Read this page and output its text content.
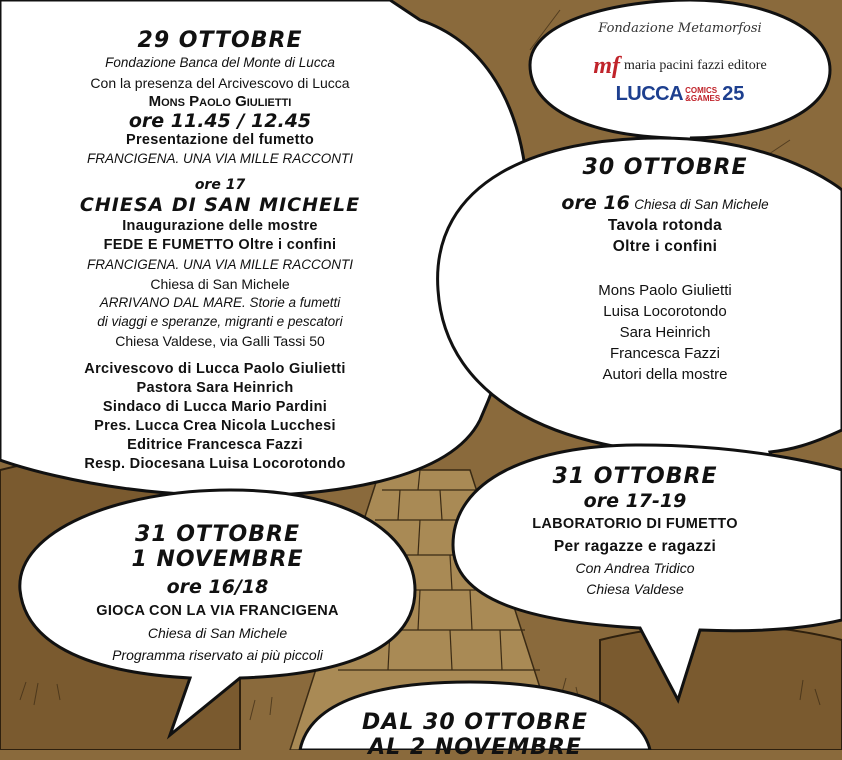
Fondazione Metamorfosi
mf maria pacini fazzi editore
LUCCA COMICS
&GAMES 25
29 OTTOBRE
Fondazione Banca del Monte di Lucca
Con la presenza del Arcivescovo di Lucca
Mons Paolo Giulietti
ore 11.45 / 12.45
Presentazione del fumetto
FRANCIGENA. UNA VIA MILLE RACCONTI
ore 17
CHIESA DI SAN MICHELE
Inaugurazione delle mostre
FEDE E FUMETTO Oltre i confini
FRANCIGENA. UNA VIA MILLE RACCONTI
Chiesa di San Michele
ARRIVANO DAL MARE. Storie a fumetti
di viaggi e speranze, migranti e pescatori
Chiesa Valdese, via Galli Tassi 50
Arcivescovo di Lucca Paolo Giulietti
Pastora Sara Heinrich
Sindaco di Lucca Mario Pardini
Pres. Lucca Crea Nicola Lucchesi
Editrice Francesca Fazzi
Resp. Diocesana Luisa Locorotondo
30 OTTOBRE
ore 16 Chiesa di San Michele
Tavola rotonda
Oltre i confini
Mons Paolo Giulietti
Luisa Locorotondo
Sara Heinrich
Francesca Fazzi
Autori della mostre
31 OTTOBRE
ore 17-19
LABORATORIO DI FUMETTO
Per ragazze e ragazzi
Con Andrea Tridico
Chiesa Valdese
31 OTTOBRE
1 NOVEMBRE
ore 16/18
GIOCA CON LA VIA FRANCIGENA
Chiesa di San Michele
Programma riservato ai più piccoli
DAL 30 OTTOBRE
AL 2 NOVEMBRE
